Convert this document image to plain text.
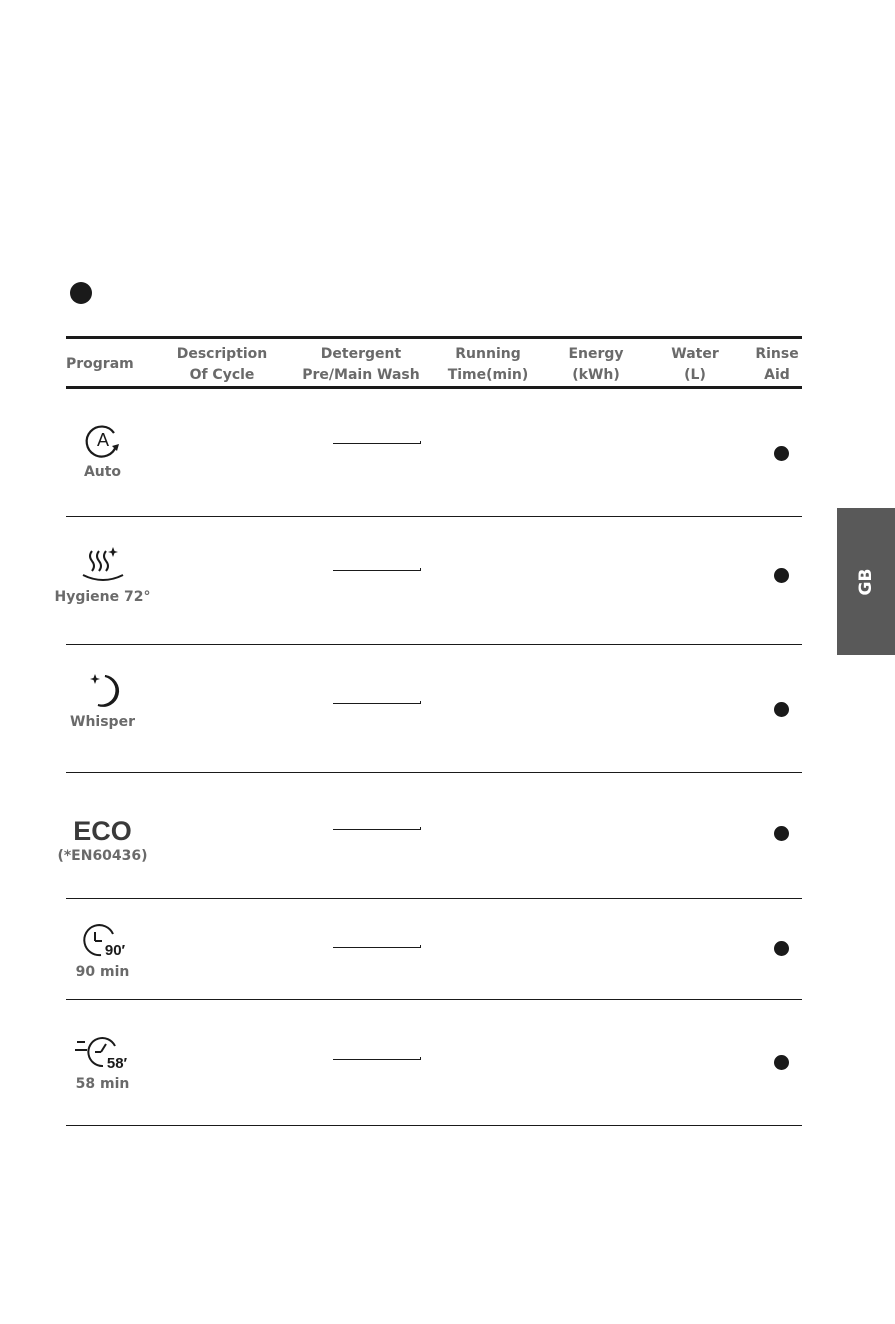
Program
Description
Of Cycle
Detergent
Pre/Main Wash
Running
Time(min)
Energy
(kWh)
Water
(L)
Rinse
Aid
A
Auto
Hygiene 72°
Whisper
ECO
(*EN60436)
90′
90 min
58′
58 min
GB
